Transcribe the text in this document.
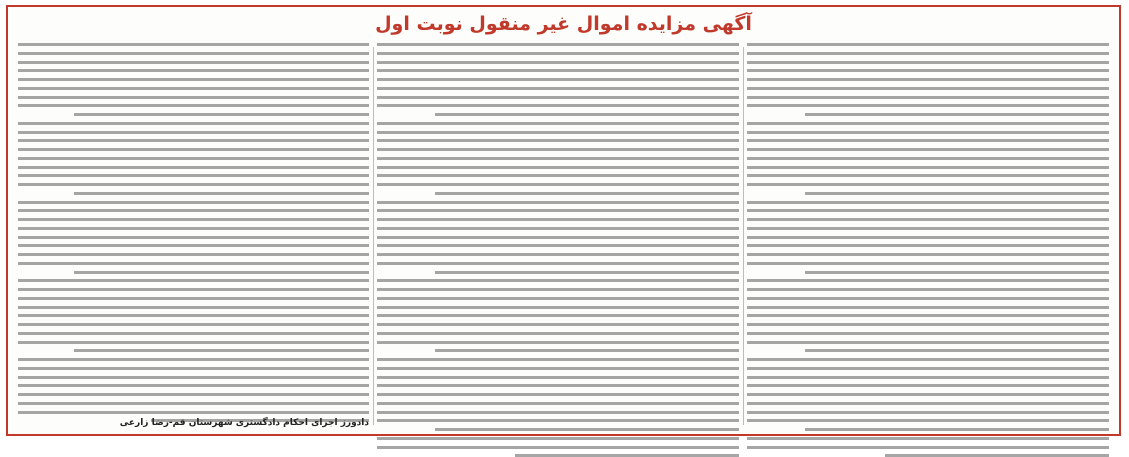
آگهی مزایده اموال غیر منقول نوبت اول
دادورز اجرای احکام دادگستری شهرستان قم-رضا زارعی
